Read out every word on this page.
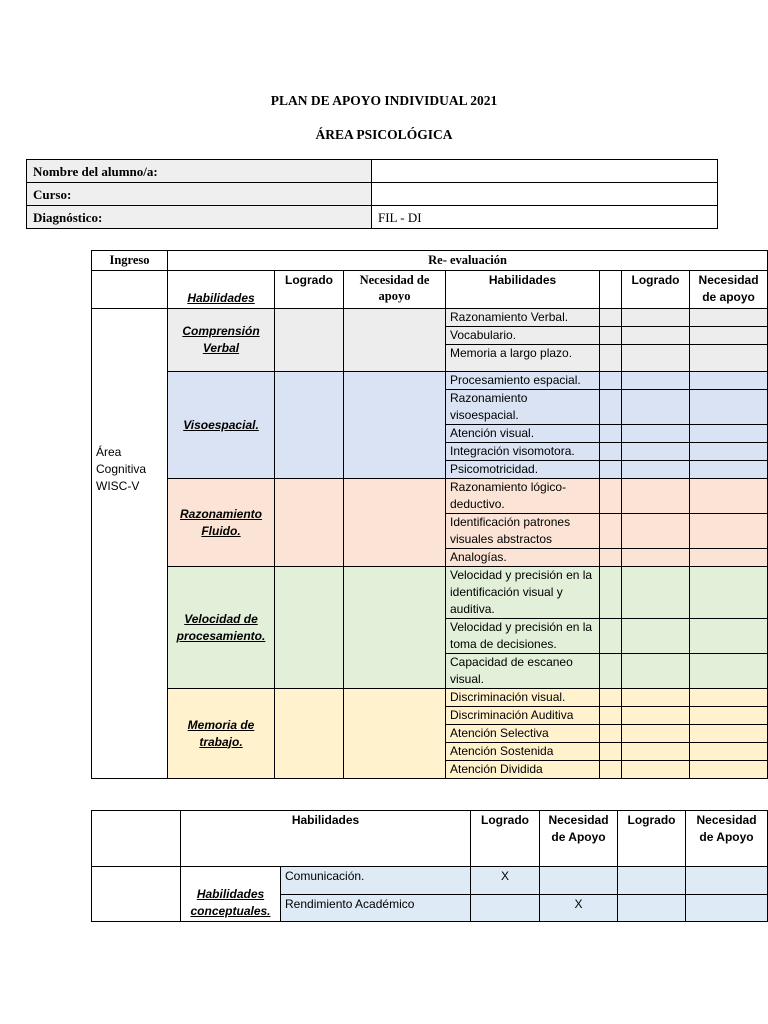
PLAN DE APOYO INDIVIDUAL 2021
ÁREA PSICOLÓGICA
Nombre del alumno/a:	
Curso:	
Diagnóstico:	FIL - DI
Ingreso	Re- evaluación						
	Habilidades	Logrado	Necesidad de apoyo	Habilidades		Logrado	Necesidad de apoyo
Área Cognitiva WISC-V	Comprensión Verbal			Razonamiento Verbal.			
				Vocabulario.			
				Memoria a largo plazo.			
	Visoespacial.			Procesamiento espacial.			
				Razonamiento visoespacial.			
				Atención visual.			
				Integración visomotora.			
				Psicomotricidad.			
	Razonamiento Fluido.			Razonamiento lógico-deductivo.			
				Identificación patrones visuales abstractos			
				Analogías.			
	Velocidad de procesamiento.			Velocidad y precisión en la identificación visual y auditiva.			
				Velocidad y precisión en la toma de decisiones.			
				Capacidad de escaneo visual.			
	Memoria de trabajo.			Discriminación visual.			
				Discriminación Auditiva			
				Atención Selectiva			
				Atención Sostenida			
				Atención Dividida			
	Habilidades		Logrado	Necesidad de Apoyo	Logrado	Necesidad de Apoyo
	Habilidades conceptuales.	Comunicación.	X			
		Rendimiento Académico		X		
